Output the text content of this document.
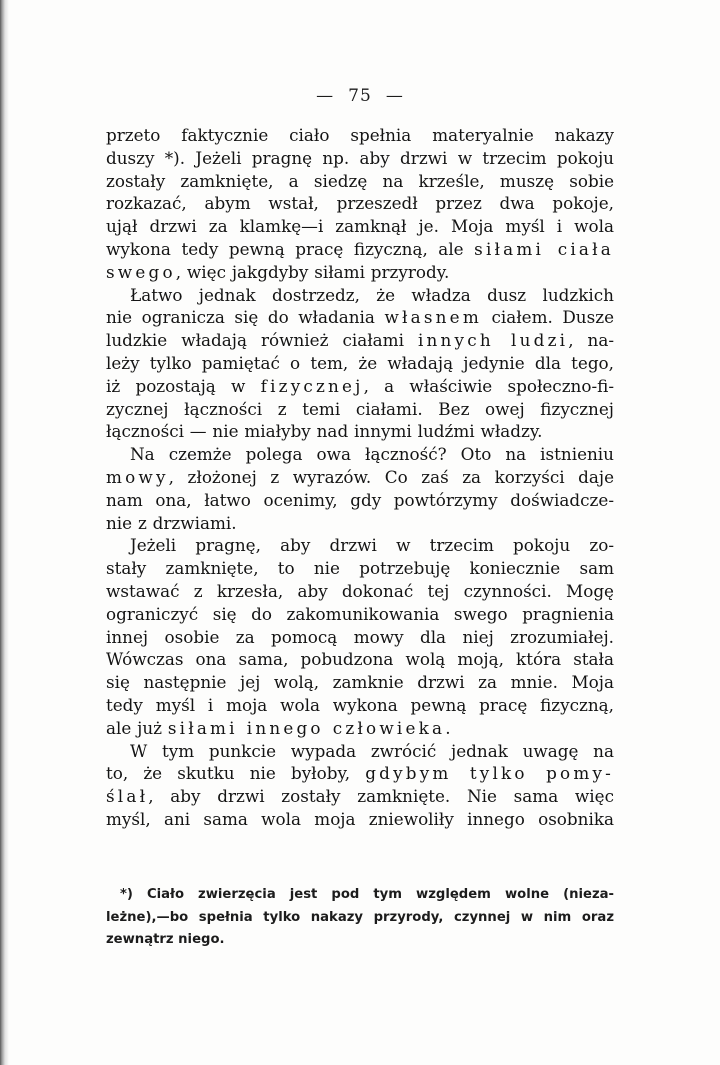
— 75 —
przeto faktycznie ciało spełnia materyalnie nakazy
duszy *). Jeżeli pragnę np. aby drzwi w trzecim pokoju
zostały zamknięte, a siedzę na krześle, muszę sobie
rozkazać, abym wstał, przeszedł przez dwa pokoje,
ujął drzwi za klamkę—i zamknął je. Moja myśl i wola
wykona tedy pewną pracę fizyczną, ale siłami ciała
swego, więc jakgdyby siłami przyrody.
Łatwo jednak dostrzedz, że władza dusz ludzkich
nie ogranicza się do władania własnem ciałem. Dusze
ludzkie władają również ciałami innych ludzi, na-
leży tylko pamiętać o tem, że władają jedynie dla tego,
iż pozostają w fizycznej, a właściwie społeczno-fi-
zycznej łączności z temi ciałami. Bez owej fizycznej
łączności — nie miałyby nad innymi ludźmi władzy.
Na czemże polega owa łączność? Oto na istnieniu
mowy, złożonej z wyrazów. Co zaś za korzyści daje
nam ona, łatwo ocenimy, gdy powtórzymy doświadcze-
nie z drzwiami.
Jeżeli pragnę, aby drzwi w trzecim pokoju zo-
stały zamknięte, to nie potrzebuję koniecznie sam
wstawać z krzesła, aby dokonać tej czynności. Mogę
ograniczyć się do zakomunikowania swego pragnienia
innej osobie za pomocą mowy dla niej zrozumiałej.
Wówczas ona sama, pobudzona wolą moją, która stała
się następnie jej wolą, zamknie drzwi za mnie. Moja
tedy myśl i moja wola wykona pewną pracę fizyczną,
ale już siłami innego człowieka.
W tym punkcie wypada zwrócić jednak uwagę na
to, że skutku nie byłoby, gdybym tylko pomy-
ślał, aby drzwi zostały zamknięte. Nie sama więc
myśl, ani sama wola moja zniewoliły innego osobnika
*) Ciało zwierzęcia jest pod tym względem wolne (nieza-
leżne),—bo spełnia tylko nakazy przyrody, czynnej w nim oraz
zewnątrz niego.
